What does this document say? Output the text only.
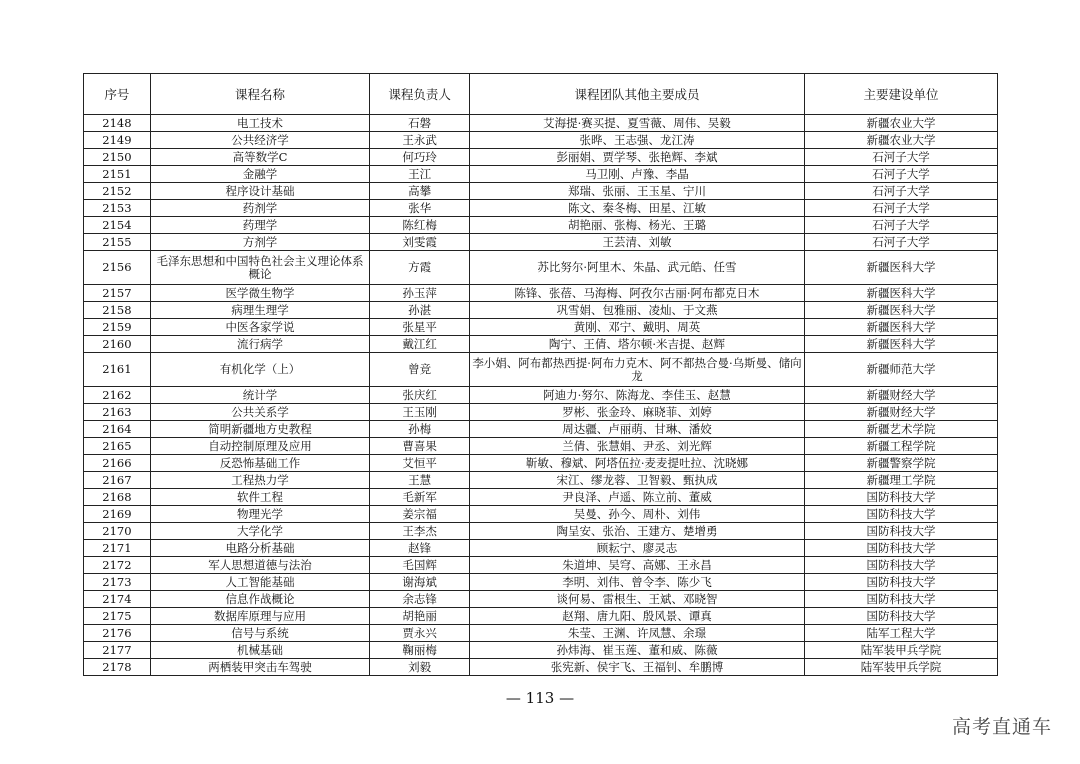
序号	课程名称	课程负责人	课程团队其他主要成员	主要建设单位
2148	电工技术	石磐	艾海提·赛买提、夏雪薇、周伟、吴毅	新疆农业大学
2149	公共经济学	王永武	张晔、王志强、龙江涛	新疆农业大学
2150	高等数学C	何巧玲	彭丽娟、贾学琴、张艳辉、李斌	石河子大学
2151	金融学	王江	马卫刚、卢豫、李晶	石河子大学
2152	程序设计基础	高攀	郑瑞、张丽、王玉星、宁川	石河子大学
2153	药剂学	张华	陈文、秦冬梅、田星、江敏	石河子大学
2154	药理学	陈红梅	胡艳丽、张梅、杨光、王璐	石河子大学
2155	方剂学	刘雯霞	王芸清、刘敏	石河子大学
2156	毛泽东思想和中国特色社会主义理论体系概论	方霞	苏比努尔·阿里木、朱晶、武元皓、任雪	新疆医科大学
2157	医学微生物学	孙玉萍	陈锋、张蓓、马海梅、阿孜尔古丽·阿布都克日木	新疆医科大学
2158	病理生理学	孙湛	巩雪娟、包雅丽、凌灿、于文燕	新疆医科大学
2159	中医各家学说	张星平	黄刚、邓宁、戴明、周英	新疆医科大学
2160	流行病学	戴江红	陶宁、王倩、塔尔顿·米吉提、赵辉	新疆医科大学
2161	有机化学（上）	曾竞	李小娟、阿布都热西提·阿布力克木、阿不都热合曼·乌斯曼、储向龙	新疆师范大学
2162	统计学	张庆红	阿迪力·努尔、陈海龙、李佳玉、赵慧	新疆财经大学
2163	公共关系学	王玉刚	罗彬、张金玲、麻晓菲、刘婷	新疆财经大学
2164	简明新疆地方史教程	孙梅	周达疆、卢丽萌、甘琳、潘姣	新疆艺术学院
2165	自动控制原理及应用	曹喜果	兰倩、张慧娟、尹丞、刘光辉	新疆工程学院
2166	反恐怖基础工作	艾恒平	靳敏、穆斌、阿塔伍拉·麦麦提吐拉、沈晓娜	新疆警察学院
2167	工程热力学	王慧	宋江、缪龙蓉、卫智毅、甄执成	新疆理工学院
2168	软件工程	毛新军	尹良泽、卢遥、陈立前、董威	国防科技大学
2169	物理光学	姜宗福	吴曼、孙今、周朴、刘伟	国防科技大学
2170	大学化学	王李杰	陶呈安、张治、王建方、楚增勇	国防科技大学
2171	电路分析基础	赵锋	顾耘宁、廖灵志	国防科技大学
2172	军人思想道德与法治	毛国辉	朱道坤、吴穹、高娜、王永昌	国防科技大学
2173	人工智能基础	谢海斌	李明、刘伟、曾令李、陈少飞	国防科技大学
2174	信息作战概论	余志锋	谈何易、雷根生、王斌、邓晓智	国防科技大学
2175	数据库原理与应用	胡艳丽	赵翔、唐九阳、殷风景、谭真	国防科技大学
2176	信号与系统	贾永兴	朱莹、王渊、许凤慧、余璟	陆军工程大学
2177	机械基础	鞠丽梅	孙炜海、崔玉莲、董和威、陈薇	陆军装甲兵学院
2178	两栖装甲突击车驾驶	刘毅	张宪新、侯宇飞、王福钊、牟鹏博	陆军装甲兵学院
— 113 —
高考直通车
